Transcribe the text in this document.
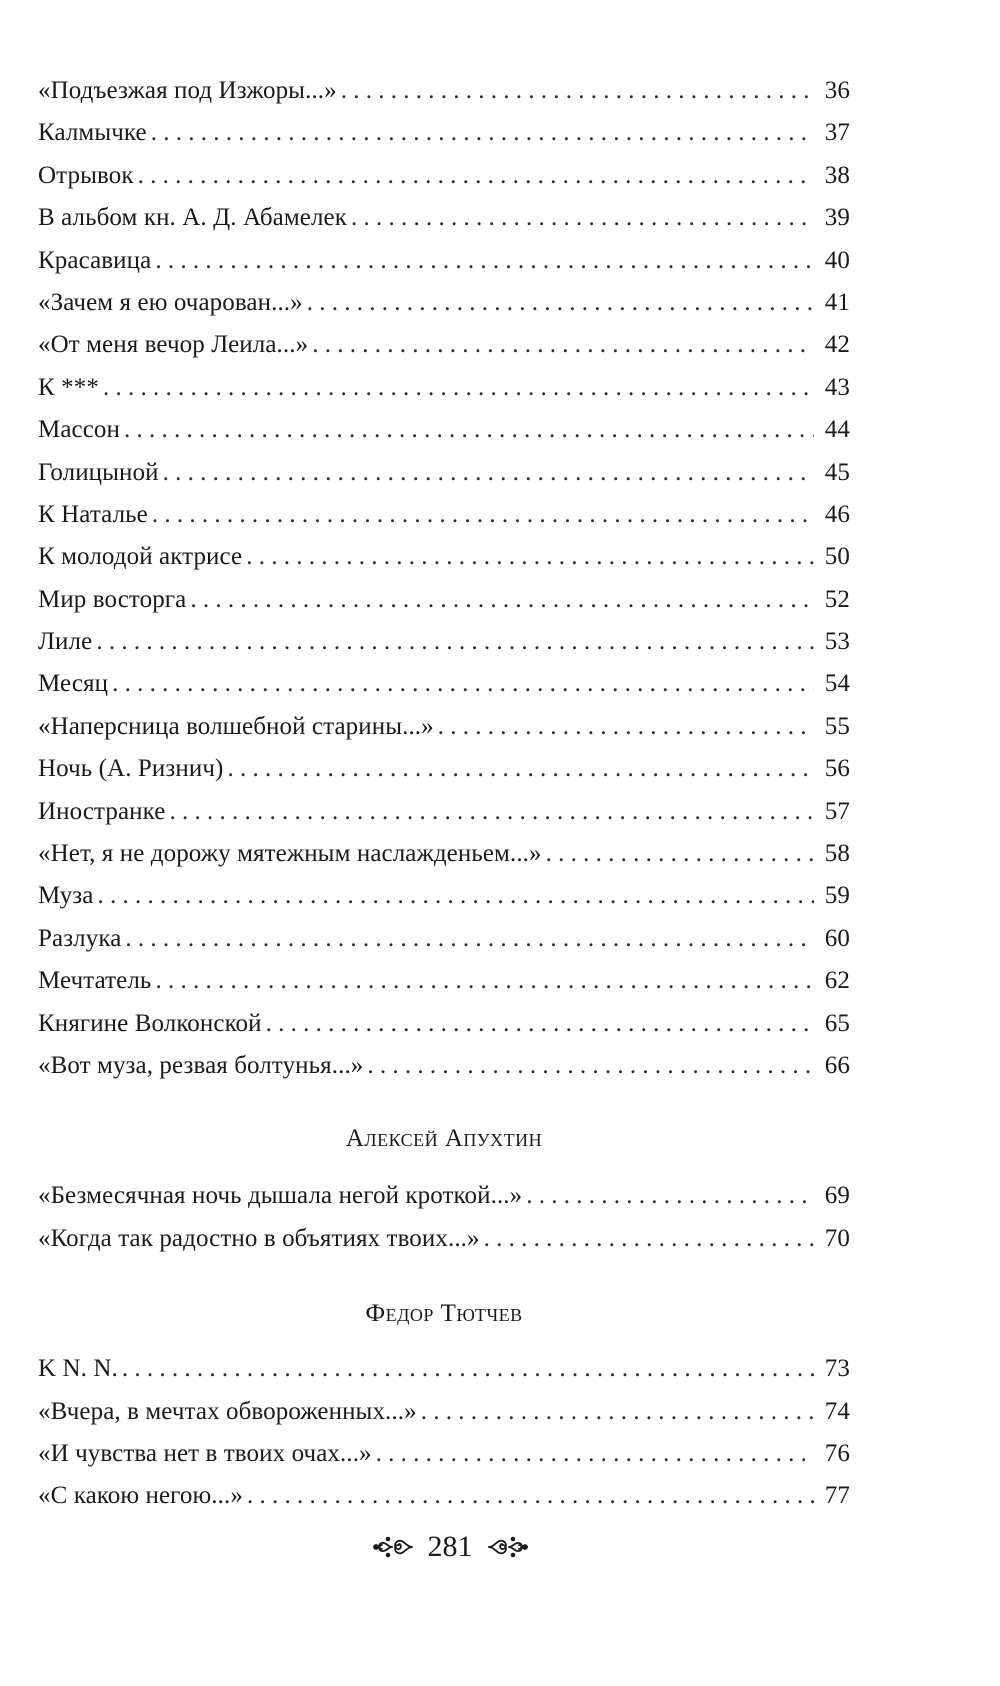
«Подъезжая под Изжоры...» . . .	36
Калмычке . . .	37
Отрывок . . .	38
В альбом кн. А. Д. Абамелек . . .	39
Красавица . . .	40
«Зачем я ею очарован...» . . .	41
«От меня вечор Леила...» . . .	42
К *** . . .	43
Массон . . .	44
Голицыной . . .	45
К Наталье . . .	46
К молодой актрисе . . .	50
Мир восторга . . .	52
Лиле . . .	53
Месяц . . .	54
«Наперсница волшебной старины...» . . .	55
Ночь (А. Ризнич) . . .	56
Иностранке . . .	57
«Нет, я не дорожу мятежным наслажденьем...» . . .	58
Муза . . .	59
Разлука . . .	60
Мечтатель . . .	62
Княгине Волконской . . .	65
«Вот муза, резвая болтунья...» . . .	66
Алексей Апухтин
«Безмесячная ночь дышала негой кроткой...» . . .	69
«Когда так радостно в объятиях твоих...» . . .	70
Федор Тютчев
K N. N. . . .	73
«Вчера, в мечтах обвороженных...» . . .	74
«И чувства нет в твоих очах...» . . .	76
«С какою негою...» . . .	77
281
